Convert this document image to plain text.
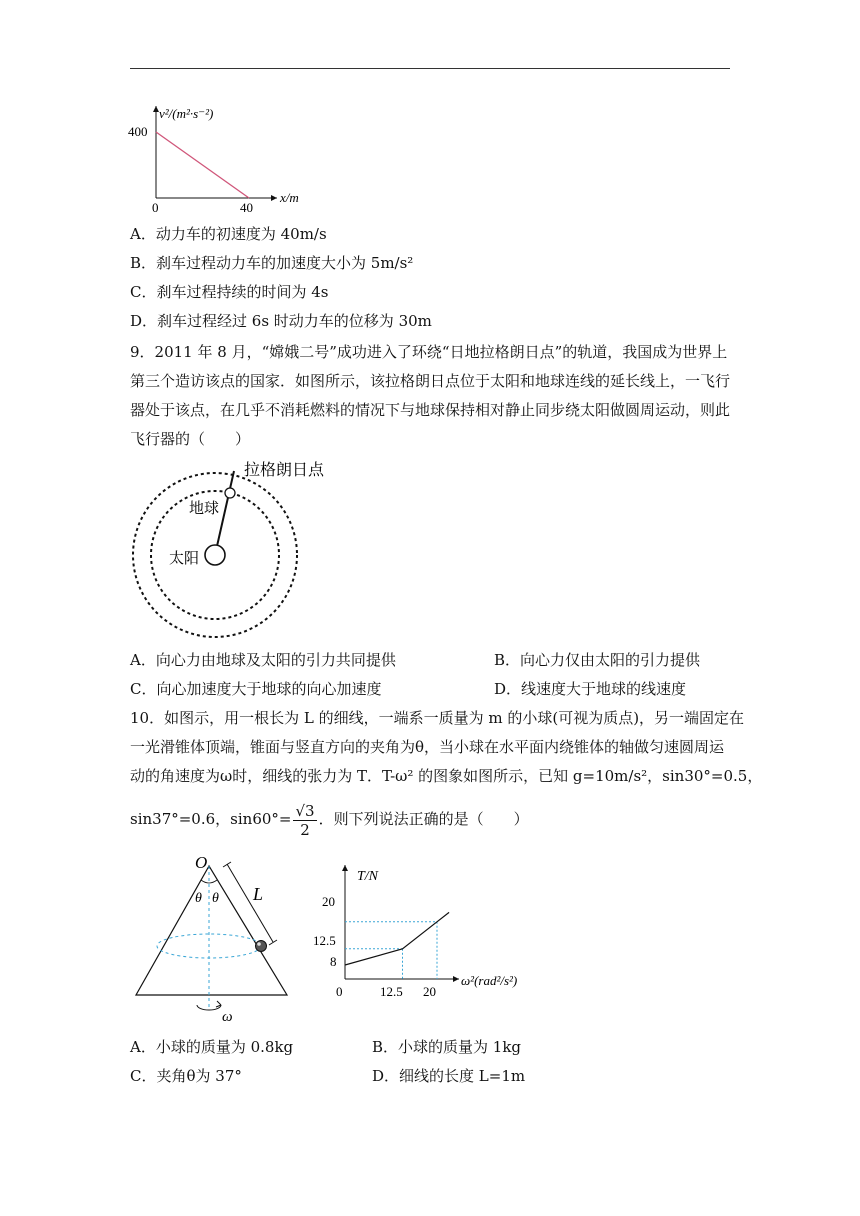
v²/(m²·s⁻²)
400
0	40
x/m
A．动力车的初速度为 40m/s
B．刹车过程动力车的加速度大小为 5m/s²
C．刹车过程持续的时间为 4s
D．刹车过程经过 6s 时动力车的位移为 30m
9．2011 年 8 月，“嫦娥二号”成功进入了环绕“日地拉格朗日点”的轨道，我国成为世界上
第三个造访该点的国家．如图所示，该拉格朗日点位于太阳和地球连线的延长线上，一飞行
器处于该点，在几乎不消耗燃料的情况下与地球保持相对静止同步绕太阳做圆周运动，则此
飞行器的（　　）
拉格朗日点
地球
太阳
A．向心力由地球及太阳的引力共同提供	B．向心力仅由太阳的引力提供
C．向心加速度大于地球的向心加速度	D．线速度大于地球的线速度
10．如图示，用一根长为 L 的细线，一端系一质量为 m 的小球(可视为质点)，另一端固定在
一光滑锥体顶端，锥面与竖直方向的夹角为θ，当小球在水平面内绕锥体的轴做匀速圆周运
动的角速度为ω时，细线的张力为 T．T-ω² 的图象如图所示，已知 g=10m/s²，sin30°=0.5，
sin37°=0.6，$\sin 60^\circ= \frac{√3}{2}$ ．则下列说法正确的是（　　）
O
θ θ L
ω
T/N
20
12.5
8
0	12.5 20
ω²(rad²/s²)
A．小球的质量为 0.8kg	B．小球的质量为 1kg
C．夹角θ为 37°	D．细线的长度 L=1m
